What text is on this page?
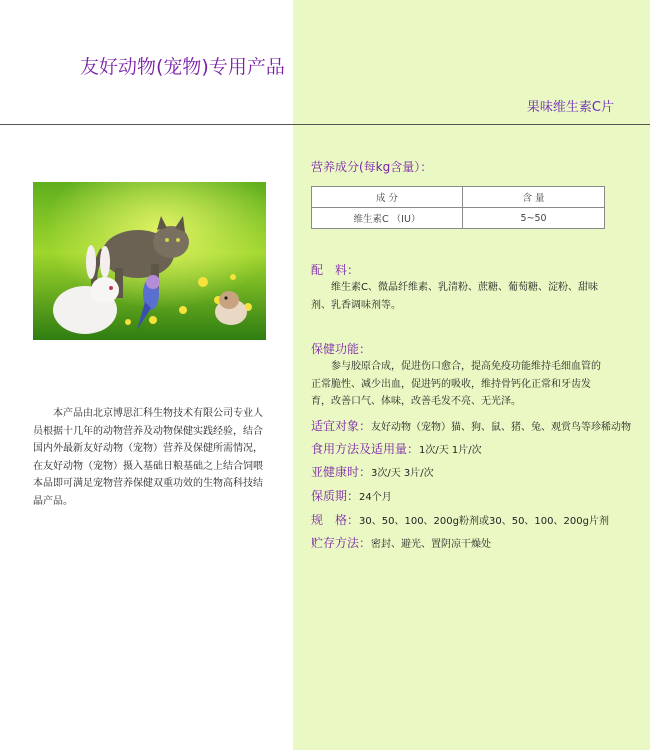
友好动物(宠物)专用产品
果味维生素C片

本产品由北京博思汇科生物技术有限公司专业人员根据十几年的动物营养及动物保健实践经验，结合国内外最新友好动物（宠物）营养及保健所需情况，在友好动物（宠物）摄入基础日粮基础之上结合饲喂本品即可满足宠物营养保健双重功效的生物高科技结晶产品。

营养成分(每kg含量）：
成 分	含 量
维生素C （IU）	5~50
配　料：

维生素C、微晶纤维素、乳清粉、蔗糖、葡萄糖、淀粉、甜味剂、乳香调味剂等。

保健功能：

参与胶原合成，促进伤口愈合，提高免疫功能维持毛细血管的正常脆性、减少出血，促进钙的吸收，维持骨钙化正常和牙齿发育，改善口气、体味，改善毛发不亮、无光泽。

适宜对象：友好动物（宠物）猫、狗、鼠、猪、兔、观赏鸟等珍稀动物
食用方法及适用量：1次/天 1片/次
亚健康时：3次/天 3片/次
保质期：24个月
规　格：30、50、100、200g粉剂或30、50、100、200g片剂
贮存方法：密封、避光、置阴凉干燥处
